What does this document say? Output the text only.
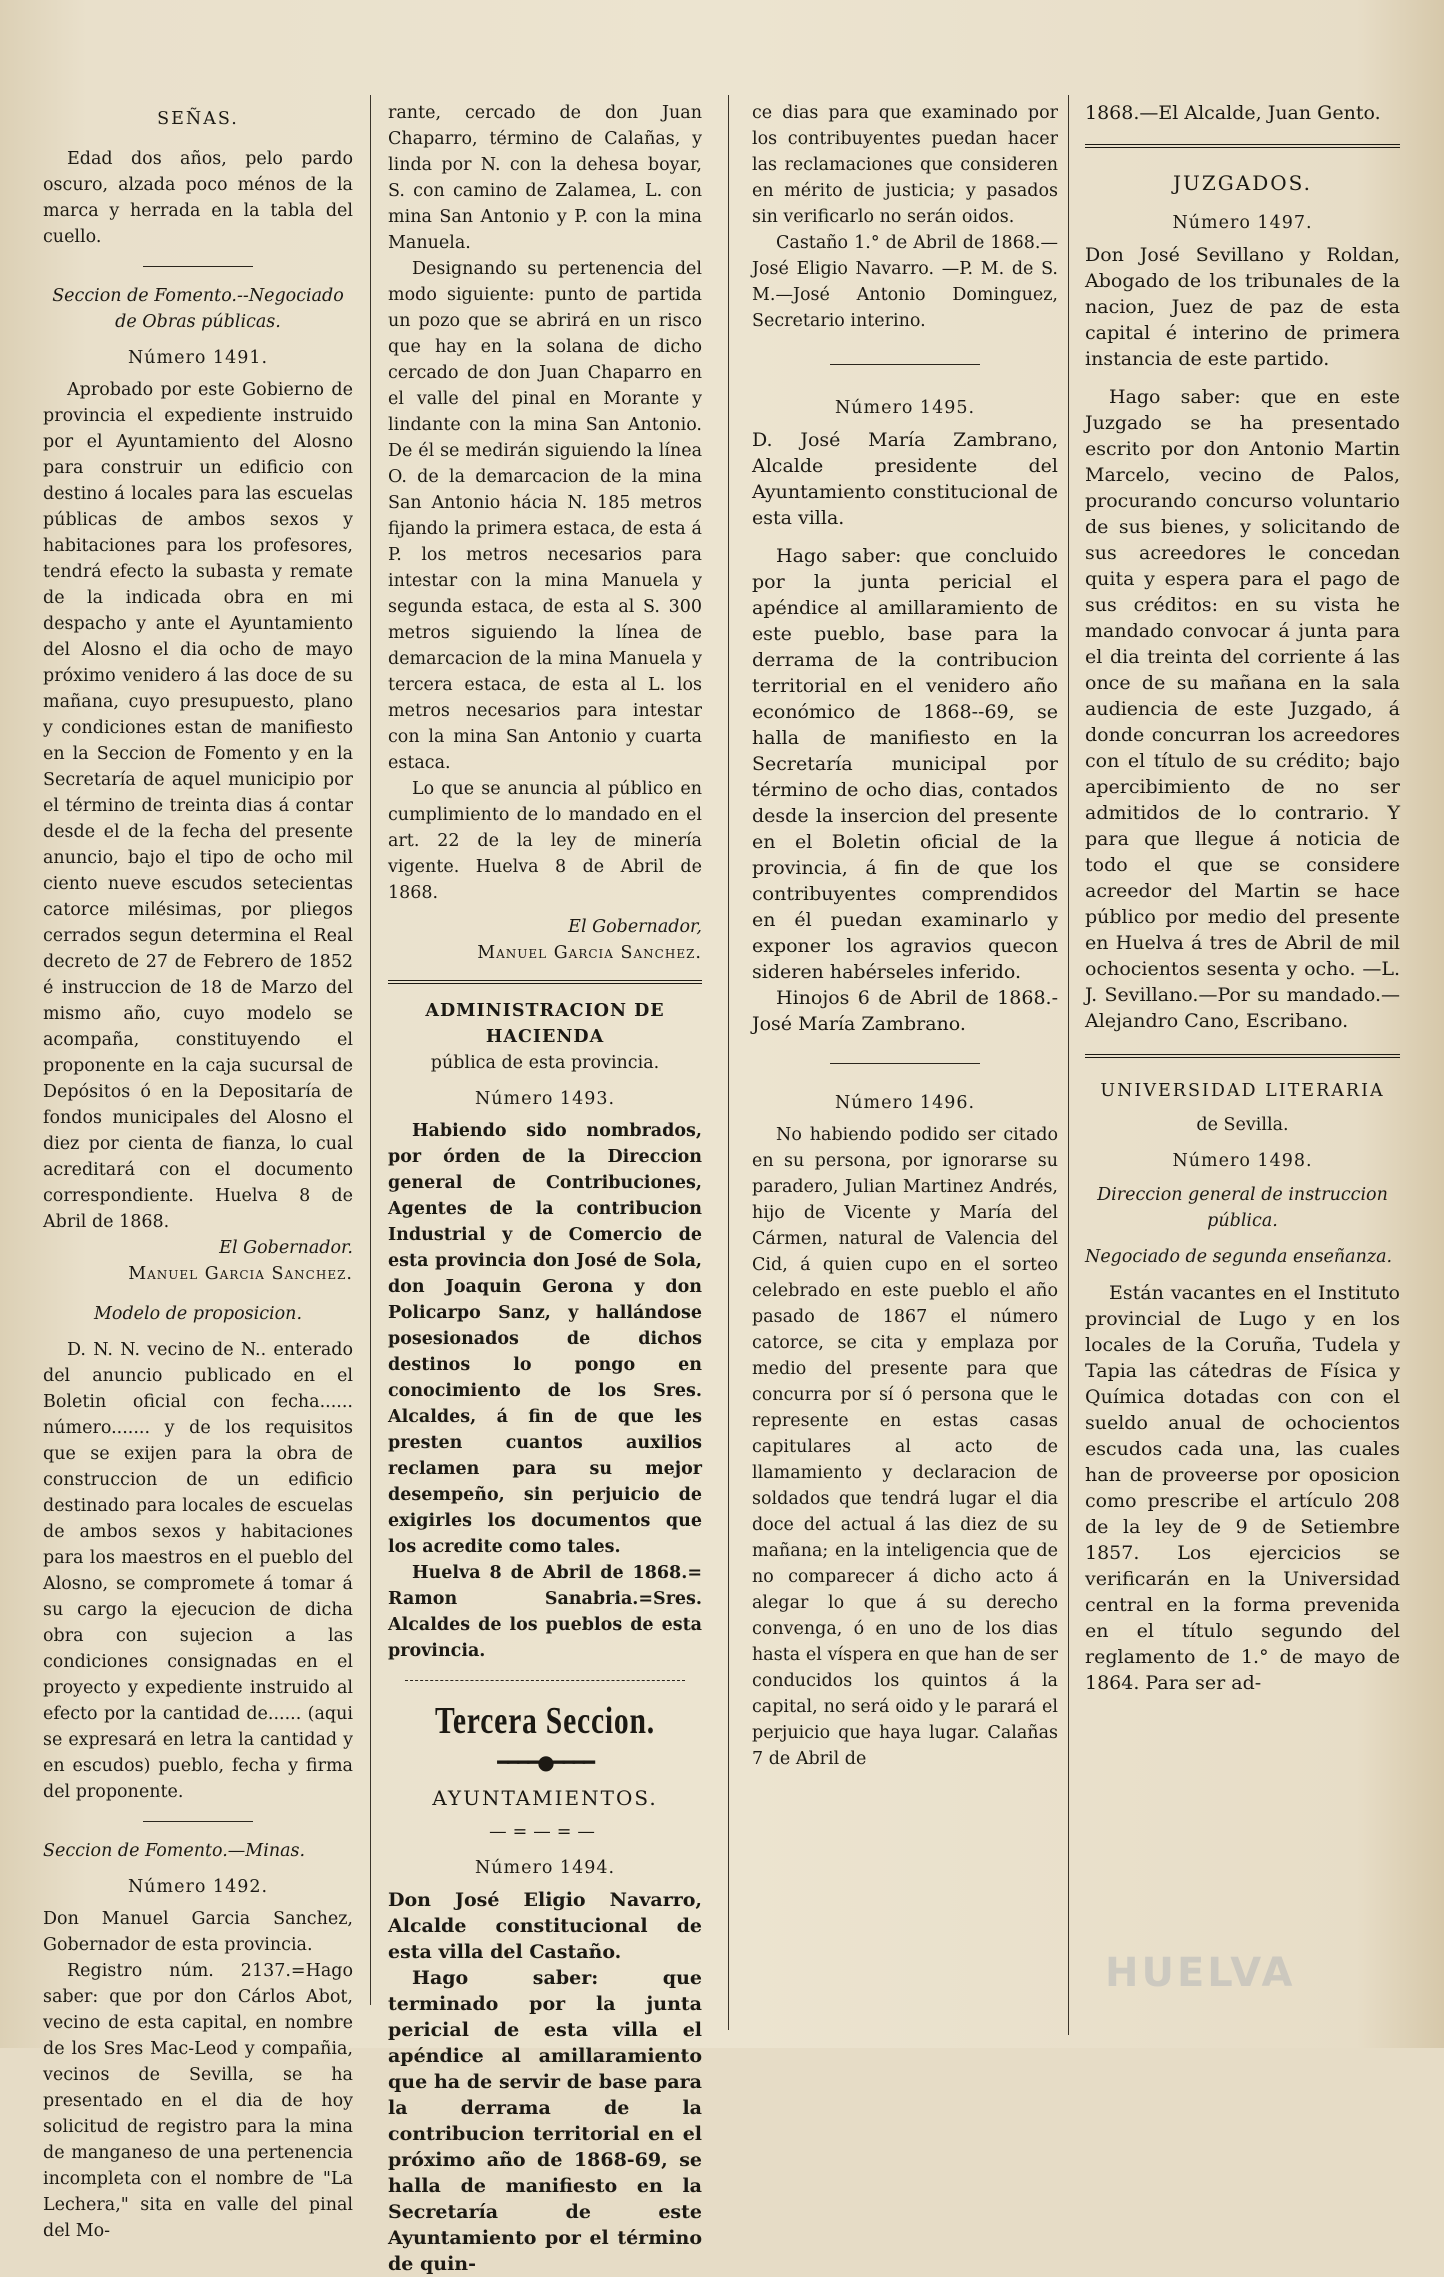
SEÑAS.

Edad dos años, pelo pardo oscuro, alzada poco ménos de la marca y herrada en la tabla del cuello.

Seccion de Fomento.--Negociado de Obras públicas.
Número 1491.

Aprobado por este Gobierno de provincia el expediente instruido por el Ayuntamiento del Alosno para construir un edificio con destino á locales para las escuelas públicas de ambos sexos y habitaciones para los profesores, tendrá efecto la subasta y remate de la indicada obra en mi despacho y ante el Ayuntamiento del Alosno el dia ocho de mayo próximo venidero á las doce de su mañana, cuyo presupuesto, plano y condiciones estan de manifiesto en la Seccion de Fomento y en la Secretaría de aquel municipio por el término de treinta dias á contar desde el de la fecha del presente anuncio, bajo el tipo de ocho mil ciento nueve escudos setecientas catorce milésimas, por pliegos cerrados segun determina el Real decreto de 27 de Febrero de 1852 é instruccion de 18 de Marzo del mismo año, cuyo modelo se acompaña, constituyendo el proponente en la caja sucursal de Depósitos ó en la Depositaría de fondos municipales del Alosno el diez por cienta de fianza, lo cual acreditará con el documento correspondiente. Huelva 8 de Abril de 1868.

El Gobernador.
Manuel Garcia Sanchez.
Modelo de proposicion.

D. N. N. vecino de N.. enterado del anuncio publicado en el Boletin oficial con fecha...... número....... y de los requisitos que se exijen para la obra de construccion de un edificio destinado para locales de escuelas de ambos sexos y habitaciones para los maestros en el pueblo del Alosno, se compromete á tomar á su cargo la ejecucion de dicha obra con sujecion a las condiciones consignadas en el proyecto y expediente instruido al efecto por la cantidad de...... (aqui se expresará en letra la cantidad y en escudos) pueblo, fecha y firma del proponente.

Seccion de Fomento.—Minas.
Número 1492.

Don Manuel Garcia Sanchez, Gobernador de esta provincia.

Registro núm. 2137.=Hago saber: que por don Cárlos Abot, vecino de esta capital, en nombre de los Sres Mac-Leod y compañia, vecinos de Sevilla, se ha presentado en el dia de hoy solicitud de registro para la mina de manganeso de una pertenencia incompleta con el nombre de "La Lechera," sita en valle del pinal del Mo-

rante, cercado de don Juan Chaparro, término de Calañas, y linda por N. con la dehesa boyar, S. con camino de Zalamea, L. con mina San Antonio y P. con la mina Manuela.

Designando su pertenencia del modo siguiente: punto de partida un pozo que se abrirá en un risco que hay en la solana de dicho cercado de don Juan Chaparro en el valle del pinal en Morante y lindante con la mina San Antonio. De él se medirán siguiendo la línea O. de la demarcacion de la mina San Antonio hácia N. 185 metros fijando la primera estaca, de esta á P. los metros necesarios para intestar con la mina Manuela y segunda estaca, de esta al S. 300 metros siguiendo la línea de demarcacion de la mina Manuela y tercera estaca, de esta al L. los metros necesarios para intestar con la mina San Antonio y cuarta estaca.

Lo que se anuncia al público en cumplimiento de lo mandado en el art. 22 de la ley de minería vigente. Huelva 8 de Abril de 1868.

El Gobernador,
Manuel Garcia Sanchez.
ADMINISTRACION DE HACIENDA
pública de esta provincia.
Número 1493.

Habiendo sido nombrados, por órden de la Direccion general de Contribuciones, Agentes de la contribucion Industrial y de Comercio de esta provincia don José de Sola, don Joaquin Gerona y don Policarpo Sanz, y hallándose posesionados de dichos destinos lo pongo en conocimiento de los Sres. Alcaldes, á fin de que les presten cuantos auxilios reclamen para su mejor desempeño, sin perjuicio de exigirles los documentos que los acredite como tales.

Huelva 8 de Abril de 1868.= Ramon Sanabria.=Sres. Alcaldes de los pueblos de esta provincia.

Tercera Seccion.
━━━━●━━━━
AYUNTAMIENTOS.
—=—=—
Número 1494.

Don José Eligio Navarro, Alcalde constitucional de esta villa del Castaño.

Hago saber: que terminado por la junta pericial de esta villa el apéndice al amillaramiento que ha de servir de base para la derrama de la contribucion territorial en el próximo año de 1868-69, se halla de manifiesto en la Secretaría de este Ayuntamiento por el término de quin-

ce dias para que examinado por los contribuyentes puedan hacer las reclamaciones que consideren en mérito de justicia; y pasados sin verificarlo no serán oidos.

Castaño 1.° de Abril de 1868.—José Eligio Navarro. —P. M. de S. M.—José Antonio Dominguez, Secretario interino.

Número 1495.

D. José María Zambrano, Alcalde presidente del Ayuntamiento constitucional de esta villa.

Hago saber: que concluido por la junta pericial el apéndice al amillaramiento de este pueblo, base para la derrama de la contribucion territorial en el venidero año económico de 1868--69, se halla de manifiesto en la Secretaría municipal por término de ocho dias, contados desde la insercion del presente en el Boletin oficial de la provincia, á fin de que los contribuyentes comprendidos en él puedan examinarlo y exponer los agravios quecon sideren habérseles inferido.

Hinojos 6 de Abril de 1868.-José María Zambrano.

Número 1496.

No habiendo podido ser citado en su persona, por ignorarse su paradero, Julian Martinez Andrés, hijo de Vicente y María del Cármen, natural de Valencia del Cid, á quien cupo en el sorteo celebrado en este pueblo el año pasado de 1867 el número catorce, se cita y emplaza por medio del presente para que concurra por sí ó persona que le represente en estas casas capitulares al acto de llamamiento y declaracion de soldados que tendrá lugar el dia doce del actual á las diez de su mañana; en la inteligencia que de no comparecer á dicho acto á alegar lo que á su derecho convenga, ó en uno de los dias hasta el víspera en que han de ser conducidos los quintos á la capital, no será oido y le parará el perjuicio que haya lugar. Calañas 7 de Abril de

1868.—El Alcalde, Juan Gento.

JUZGADOS.
Número 1497.

Don José Sevillano y Roldan, Abogado de los tribunales de la nacion, Juez de paz de esta capital é interino de primera instancia de este partido.

Hago saber: que en este Juzgado se ha presentado escrito por don Antonio Martin Marcelo, vecino de Palos, procurando concurso voluntario de sus bienes, y solicitando de sus acreedores le concedan quita y espera para el pago de sus créditos: en su vista he mandado convocar á junta para el dia treinta del corriente á las once de su mañana en la sala audiencia de este Juzgado, á donde concurran los acreedores con el título de su crédito; bajo apercibimiento de no ser admitidos de lo contrario. Y para que llegue á noticia de todo el que se considere acreedor del Martin se hace público por medio del presente en Huelva á tres de Abril de mil ochocientos sesenta y ocho. —L. J. Sevillano.—Por su mandado.—Alejandro Cano, Escribano.

UNIVERSIDAD LITERARIA
de Sevilla.
Número 1498.
Direccion general de instruccion pública.
Negociado de segunda enseñanza.

Están vacantes en el Instituto provincial de Lugo y en los locales de la Coruña, Tudela y Tapia las cátedras de Física y Química dotadas con con el sueldo anual de ochocientos escudos cada una, las cuales han de proveerse por oposicion como prescribe el artículo 208 de la ley de 9 de Setiembre 1857. Los ejercicios se verificarán en la Universidad central en la forma prevenida en el título segundo del reglamento de 1.° de mayo de 1864. Para ser ad-

HUELVA
